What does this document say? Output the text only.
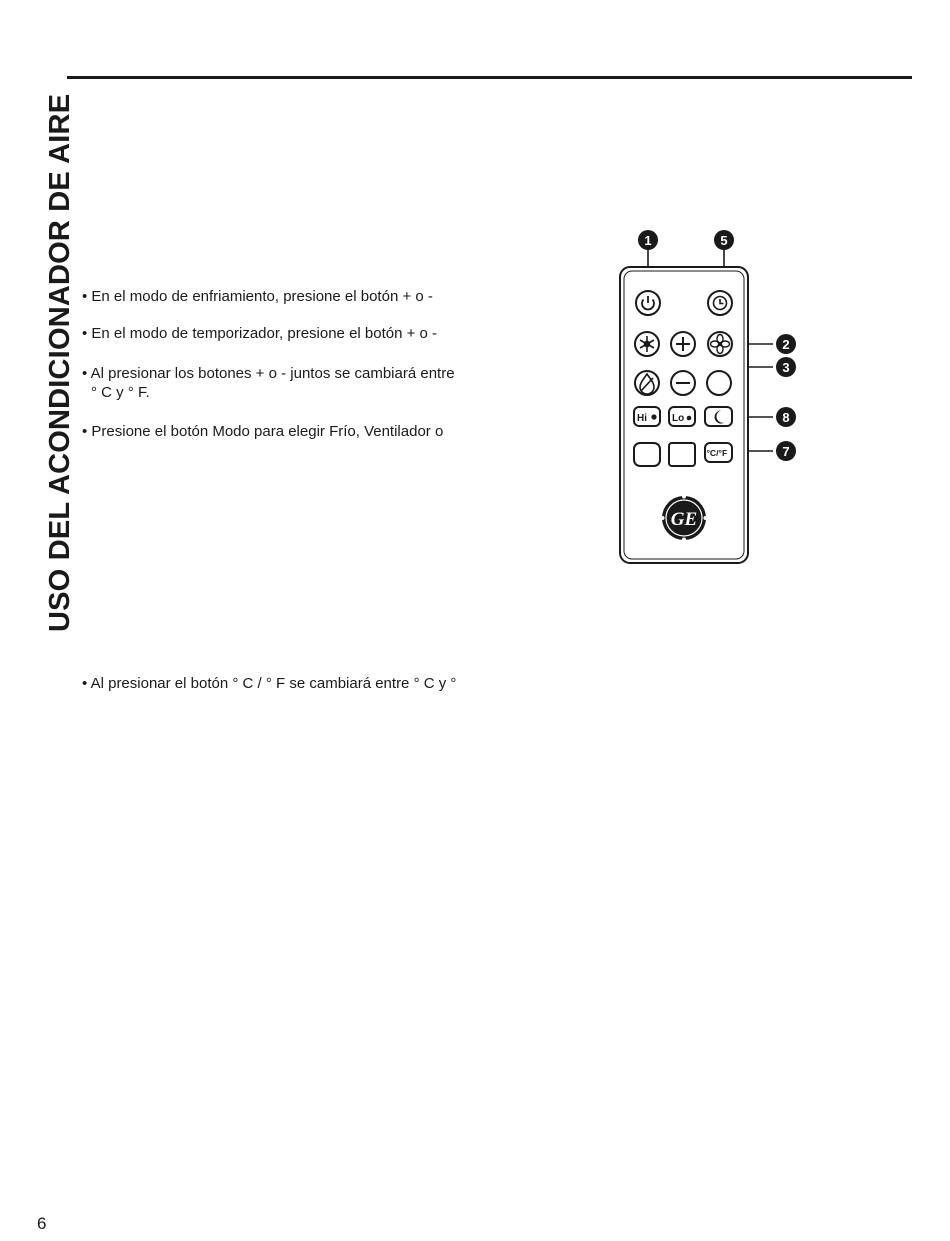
USO DEL ACONDICIONADOR DE AIRE • En el modo de enfriamiento, presione el botón + o -
• En el modo de temporizador, presione el botón + o -
• Al presionar los botones + o - juntos se cambiará entre
° C y ° F.
• Presione el botón Modo para elegir Frío, Ventilador o
• Al presionar el botón ° C / ° F se cambiará entre ° C y °
Hi	Lo
°C/°F
GE
1	5
2
3
8
7
6
